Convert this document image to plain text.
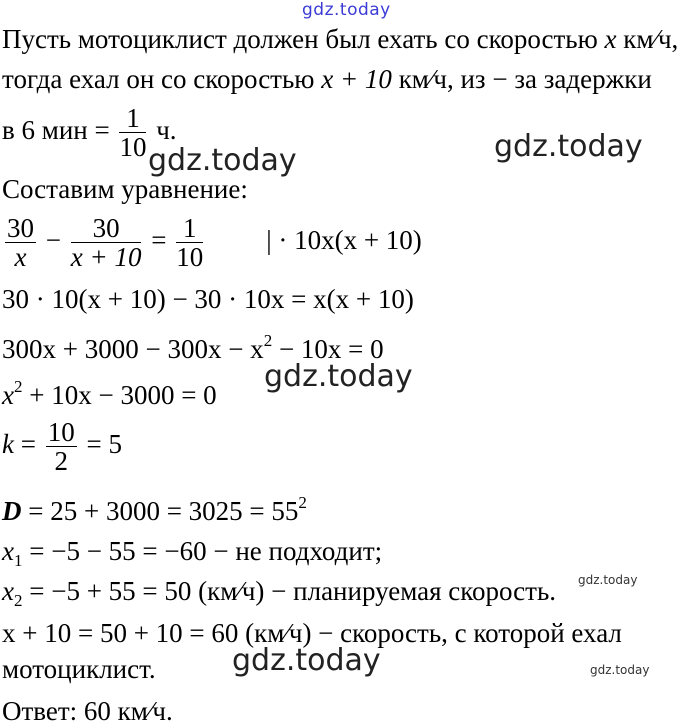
gdz.today
gdz.today	gdz.today
gdz.today
gdz.today
gdz.today	gdz.today
Пусть мотоциклист должен был ехать со скоростью x км⁄ч,
тогда ехал он со скоростью x + 10 км⁄ч, из − за задержки
в 6 мин = $\frac{1}{10} ч$.
Составим уравнение:
$\frac{30}{x} - \frac{30}{x + 10} = \frac{1}{10}$ | · 10x(x + 10)
30 · 10(x + 10) − 30 · 10x = x(x + 10)
$300x + 3000 - 300x - x^2 - 10x = 0$
$x^2 + 10x - 3000 = 0$
$k = \frac{10}{2} = 5$
$D = 25 + 3000 = 3025 = 55^2$
$x_1 = -5 - 55 = -60$ − не подходит;
$x_2 = -5 + 55 = 50$ (км⁄ч) − планируемая скорость.
x + 10 = 50 + 10 = 60 (км⁄ч) − скорость, с которой ехал
мотоциклист.
Ответ: 60 км⁄ч.
